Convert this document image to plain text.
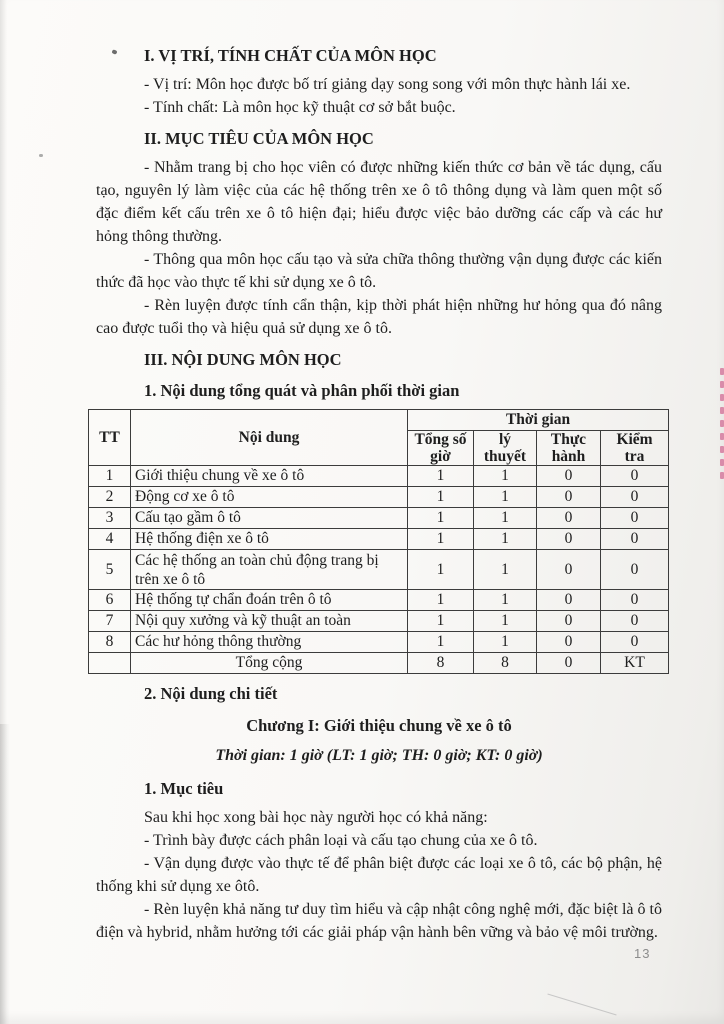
I. VỊ TRÍ, TÍNH CHẤT CỦA MÔN HỌC

- Vị trí: Môn học được bố trí giảng dạy song song với môn thực hành lái xe.

- Tính chất: Là môn học kỹ thuật cơ sở bắt buộc.

II. MỤC TIÊU CỦA MÔN HỌC

- Nhằm trang bị cho học viên có được những kiến thức cơ bản về tác dụng, cấu tạo, nguyên lý làm việc của các hệ thống trên xe ô tô thông dụng và làm quen một số đặc điểm kết cấu trên xe ô tô hiện đại; hiểu được việc bảo dưỡng các cấp và các hư hỏng thông thường.

- Thông qua môn học cấu tạo và sửa chữa thông thường vận dụng được các kiến thức đã học vào thực tế khi sử dụng xe ô tô.

- Rèn luyện được tính cẩn thận, kịp thời phát hiện những hư hỏng qua đó nâng cao được tuổi thọ và hiệu quả sử dụng xe ô tô.

III. NỘI DUNG MÔN HỌC
1. Nội dung tổng quát và phân phối thời gian
TT	Nội dung	Thời gian			
		Tổng số giờ	lý thuyết	Thực hành	Kiểm tra
1	Giới thiệu chung về xe ô tô	1	1	0	0
2	Động cơ xe ô tô	1	1	0	0
3	Cấu tạo gầm ô tô	1	1	0	0
4	Hệ thống điện xe ô tô	1	1	0	0
5	Các hệ thống an toàn chủ động trang bị trên xe ô tô	1	1	0	0
6	Hệ thống tự chẩn đoán trên ô tô	1	1	0	0
7	Nội quy xưởng và kỹ thuật an toàn	1	1	0	0
8	Các hư hỏng thông thường	1	1	0	0
	Tổng cộng	8	8	0	KT
2. Nội dung chi tiết
Chương I: Giới thiệu chung về xe ô tô
Thời gian: 1 giờ (LT: 1 giờ; TH: 0 giờ; KT: 0 giờ)
1. Mục tiêu

Sau khi học xong bài học này người học có khả năng:

- Trình bày được cách phân loại và cấu tạo chung của xe ô tô.

- Vận dụng được vào thực tế để phân biệt được các loại xe ô tô, các bộ phận, hệ thống khi sử dụng xe ôtô.

- Rèn luyện khả năng tư duy tìm hiểu và cập nhật công nghệ mới, đặc biệt là ô tô điện và hybrid, nhằm hưởng tới các giải pháp vận hành bên vững và bảo vệ môi trường.

13
